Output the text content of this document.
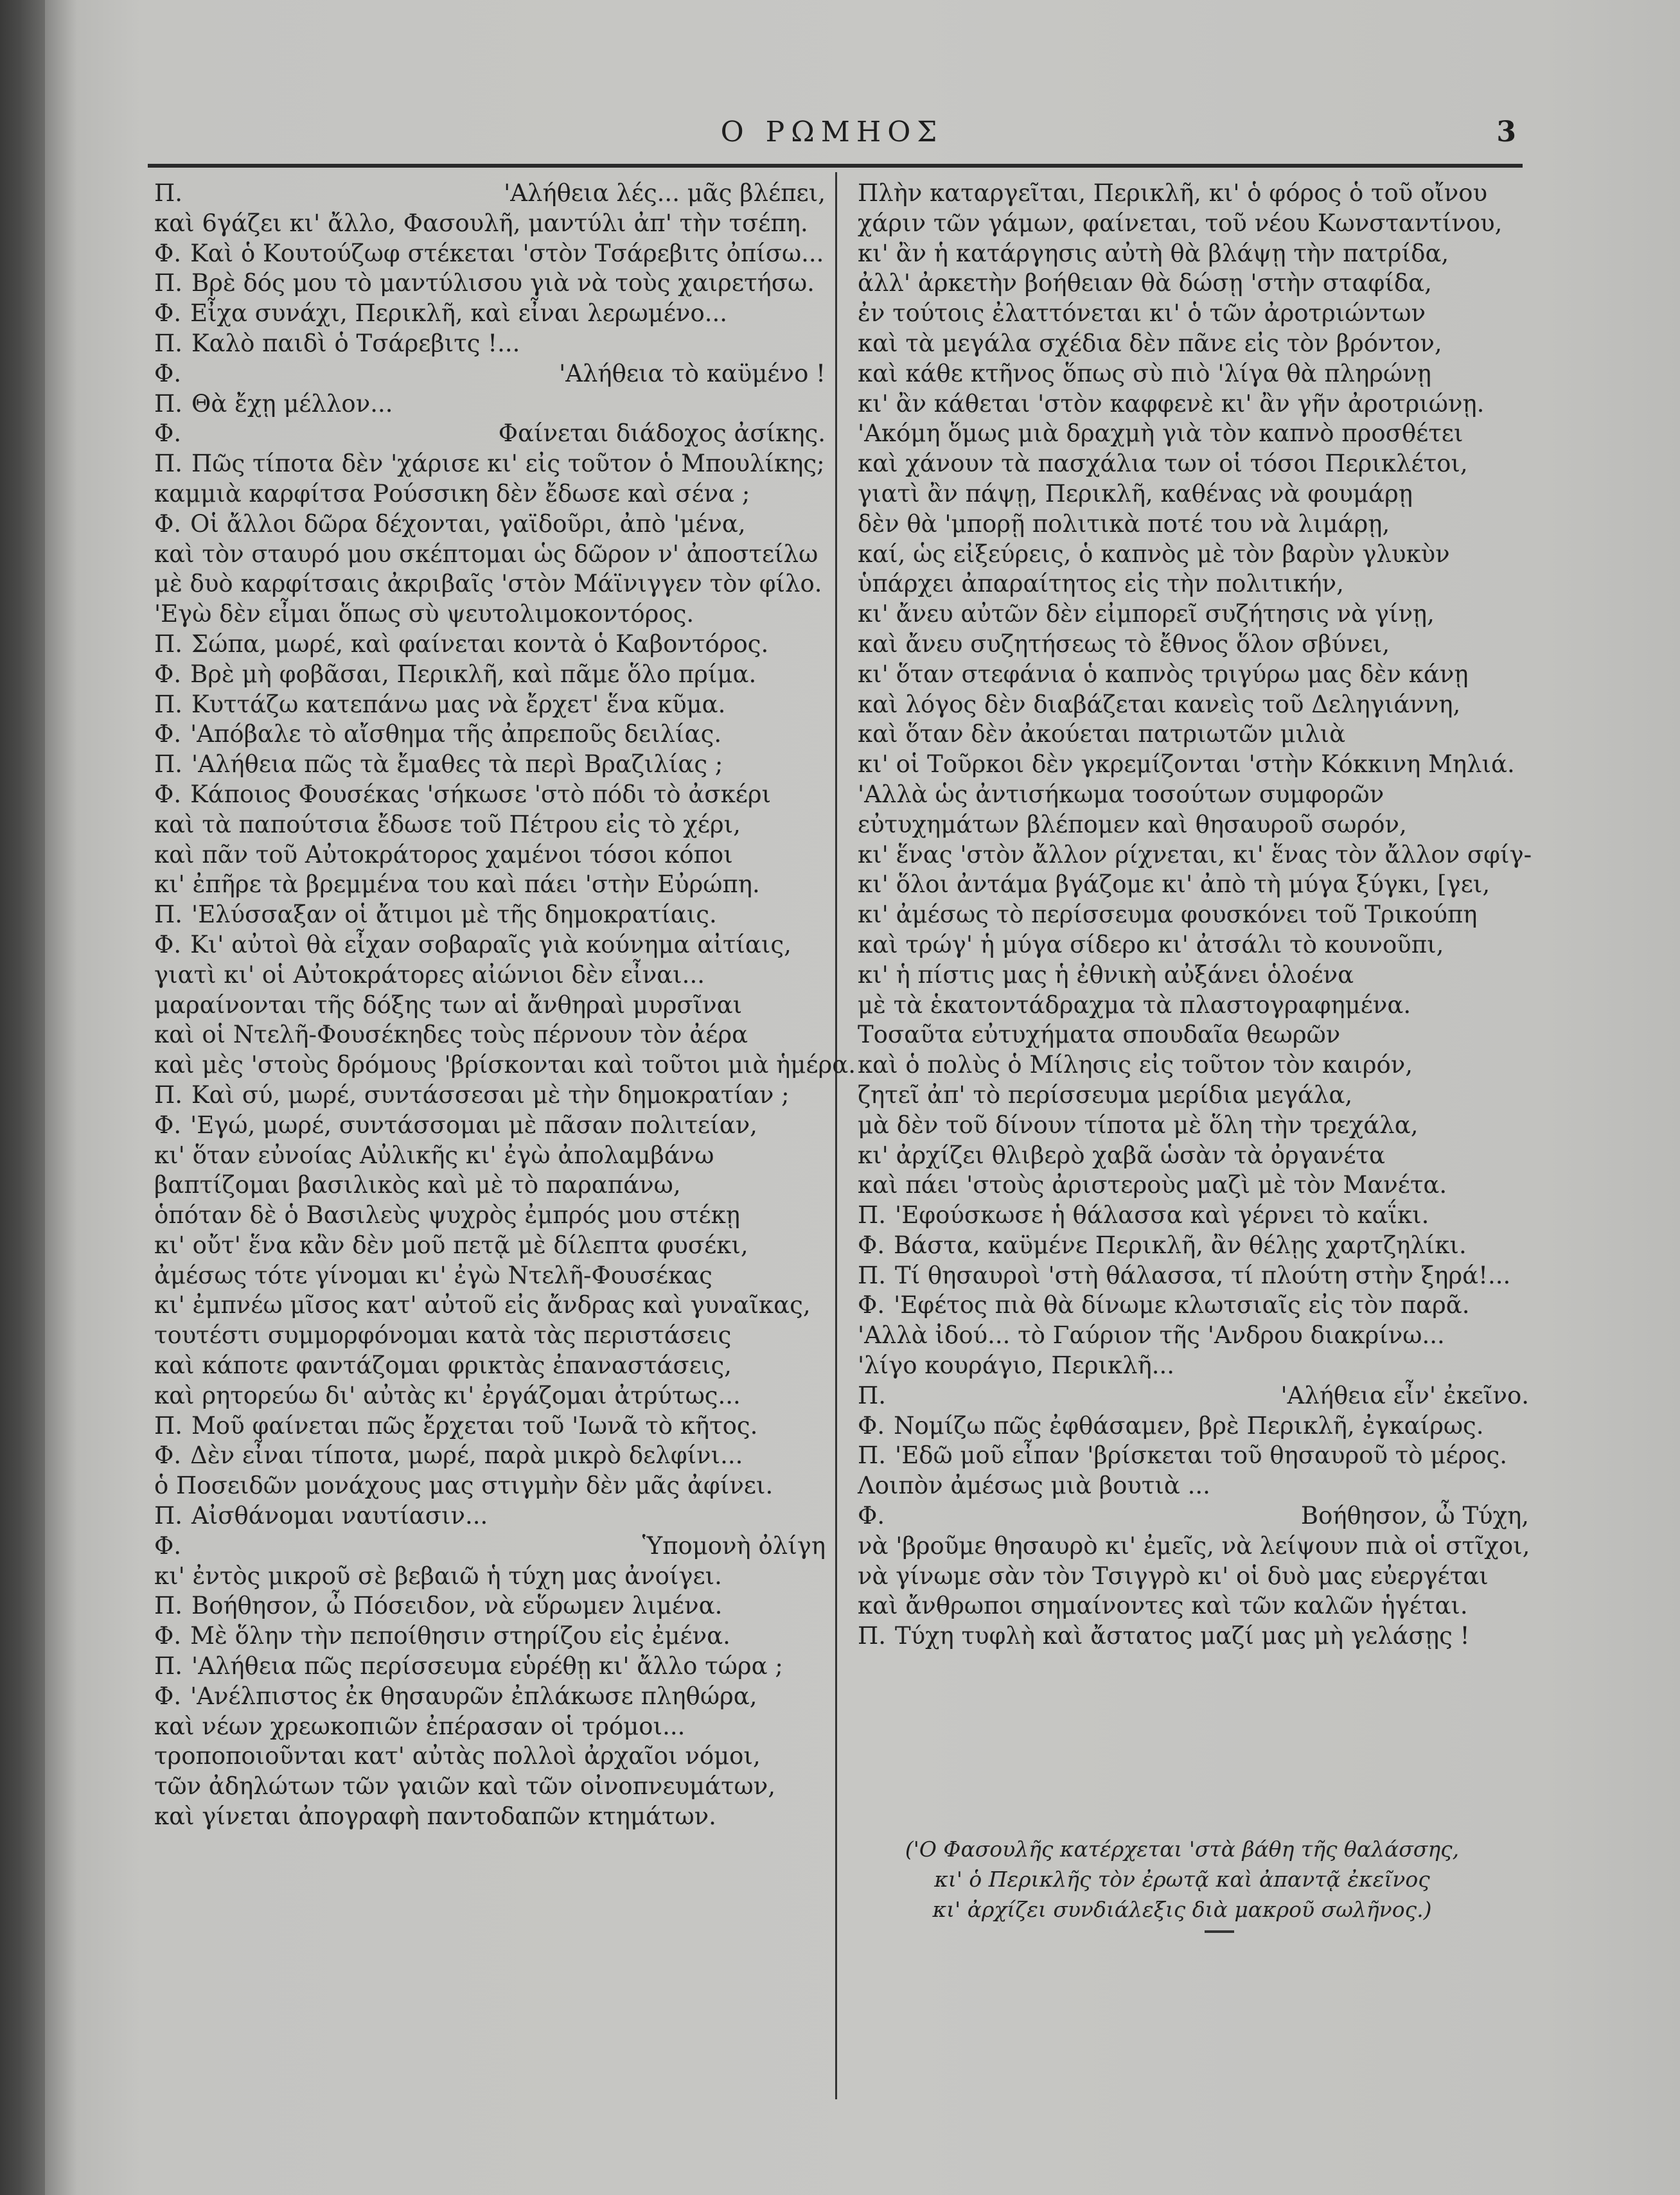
Ο ΡΩΜΗΟΣ	3
Π.	'Αλήθεια λές... μᾶς βλέπει,
καὶ 6γάζει κι' ἄλλο, Φασουλῆ, μαντύλι ἀπ' τὴν τσέπη.
Φ. Καὶ ὁ Κουτούζωφ στέκεται 'στὸν Τσάρεβιτς ὀπίσω...
Π. Βρὲ δός μου τὸ μαντύλισου γιὰ νὰ τοὺς χαιρετήσω.
Φ. Εἶχα συνάχι, Περικλῆ, καὶ εἶναι λερωμένο...
Π. Καλὸ παιδὶ ὁ Τσάρεβιτς !...
Φ.	'Αλήθεια τὸ καϋμένο !
Π. Θὰ ἔχῃ μέλλον...
Φ.	Φαίνεται διάδοχος ἀσίκης.
Π. Πῶς τίποτα δὲν 'χάρισε κι' εἰς τοῦτον ὁ Μπουλίκης;
καμμιὰ καρφίτσα Ρούσσικη δὲν ἔδωσε καὶ σένα ;
Φ. Οἱ ἄλλοι δῶρα δέχονται, γαϊδοῦρι, ἀπὸ 'μένα,
καὶ τὸν σταυρό μου σκέπτομαι ὡς δῶρον ν' ἀποστείλω
μὲ δυὸ καρφίτσαις ἀκριβαῖς 'στὸν Μάϊνιγγεν τὸν φίλο.
'Εγὼ δὲν εἶμαι ὅπως σὺ ψευτολιμοκοντόρος.
Π. Σώπα, μωρέ, καὶ φαίνεται κοντὰ ὁ Καβοντόρος.
Φ. Βρὲ μὴ φοβᾶσαι, Περικλῆ, καὶ πᾶμε ὅλο πρίμα.
Π. Κυττάζω κατεπάνω μας νὰ ἔρχετ' ἕνα κῦμα.
Φ. 'Απόβαλε τὸ αἴσθημα τῆς ἀπρεποῦς δειλίας.
Π. 'Αλήθεια πῶς τὰ ἔμαθες τὰ περὶ Βραζιλίας ;
Φ. Κάποιος Φουσέκας 'σήκωσε 'στὸ πόδι τὸ ἀσκέρι
καὶ τὰ παπούτσια ἔδωσε τοῦ Πέτρου εἰς τὸ χέρι,
καὶ πᾶν τοῦ Αὐτοκράτορος χαμένοι τόσοι κόποι
κι' ἐπῆρε τὰ βρεμμένα του καὶ πάει 'στὴν Εὐρώπη.
Π. 'Ελύσσαξαν οἱ ἄτιμοι μὲ τῆς δημοκρατίαις.
Φ. Κι' αὐτοὶ θὰ εἶχαν σοβαραῖς γιὰ κούνημα αἰτίαις,
γιατὶ κι' οἱ Αὐτοκράτορες αἰώνιοι δὲν εἶναι...
μαραίνονται τῆς δόξης των αἱ ἄνθηραὶ μυρσῖναι
καὶ οἱ Ντελῆ-Φουσέκηδες τοὺς πέρνουν τὸν ἀέρα
καὶ μὲς 'στοὺς δρόμους 'βρίσκονται καὶ τοῦτοι μιὰ ἡμέρα.
Π. Καὶ σύ, μωρέ, συντάσσεσαι μὲ τὴν δημοκρατίαν ;
Φ. 'Εγώ, μωρέ, συντάσσομαι μὲ πᾶσαν πολιτείαν,
κι' ὅταν εὐνοίας Αὐλικῆς κι' ἐγὼ ἀπολαμβάνω
βαπτίζομαι βασιλικὸς καὶ μὲ τὸ παραπάνω,
ὁπόταν δὲ ὁ Βασιλεὺς ψυχρὸς ἐμπρός μου στέκῃ
κι' οὔτ' ἕνα κἂν δὲν μοῦ πετᾷ μὲ δίλεπτα φυσέκι,
ἀμέσως τότε γίνομαι κι' ἐγὼ Ντελῆ-Φουσέκας
κι' ἐμπνέω μῖσος κατ' αὐτοῦ εἰς ἄνδρας καὶ γυναῖκας,
τουτέστι συμμορφόνομαι κατὰ τὰς περιστάσεις
καὶ κάποτε φαντάζομαι φρικτὰς ἐπαναστάσεις,
καὶ ρητορεύω δι' αὐτὰς κι' ἐργάζομαι ἀτρύτως...
Π. Μοῦ φαίνεται πῶς ἔρχεται τοῦ 'Ιωνᾶ τὸ κῆτος.
Φ. Δὲν εἶναι τίποτα, μωρέ, παρὰ μικρὸ δελφίνι...
ὁ Ποσειδῶν μονάχους μας στιγμὴν δὲν μᾶς ἀφίνει.
Π. Αἰσθάνομαι ναυτίασιν...
Φ.	Ὑπομονὴ ὀλίγη
κι' ἐντὸς μικροῦ σὲ βεβαιῶ ἡ τύχη μας ἀνοίγει.
Π. Βοήθησον, ὦ Πόσειδον, νὰ εὕρωμεν λιμένα.
Φ. Μὲ ὅλην τὴν πεποίθησιν στηρίζου εἰς ἐμένα.
Π. 'Αλήθεια πῶς περίσσευμα εὑρέθῃ κι' ἄλλο τώρα ;
Φ. 'Ανέλπιστος ἐκ θησαυρῶν ἐπλάκωσε πληθώρα,
καὶ νέων χρεωκοπιῶν ἐπέρασαν οἱ τρόμοι...
τροποποιοῦνται κατ' αὐτὰς πολλοὶ ἀρχαῖοι νόμοι,
τῶν ἀδηλώτων τῶν γαιῶν καὶ τῶν οἰνοπνευμάτων,
καὶ γίνεται ἀπογραφὴ παντοδαπῶν κτημάτων.
Πλὴν καταργεῖται, Περικλῆ, κι' ὁ φόρος ὁ τοῦ οἴνου
χάριν τῶν γάμων, φαίνεται, τοῦ νέου Κωνσταντίνου,
κι' ἂν ἡ κατάργησις αὐτὴ θὰ βλάψῃ τὴν πατρίδα,
ἀλλ' ἀρκετὴν βοήθειαν θὰ δώσῃ 'στὴν σταφίδα,
ἐν τούτοις ἐλαττόνεται κι' ὁ τῶν ἀροτριώντων
καὶ τὰ μεγάλα σχέδια δὲν πᾶνε εἰς τὸν βρόντον,
καὶ κάθε κτῆνος ὅπως σὺ πιὸ 'λίγα θὰ πληρώνῃ
κι' ἂν κάθεται 'στὸν καφφενὲ κι' ἂν γῆν ἀροτριώνῃ.
'Ακόμη ὅμως μιὰ δραχμὴ γιὰ τὸν καπνὸ προσθέτει
καὶ χάνουν τὰ πασχάλια των οἱ τόσοι Περικλέτοι,
γιατὶ ἂν πάψῃ, Περικλῆ, καθένας νὰ φουμάρῃ
δὲν θὰ 'μπορῇ πολιτικὰ ποτέ του νὰ λιμάρῃ,
καί, ὡς εἰξεύρεις, ὁ καπνὸς μὲ τὸν βαρὺν γλυκὺν
ὑπάρχει ἀπαραίτητος εἰς τὴν πολιτικήν,
κι' ἄνευ αὐτῶν δὲν εἰμπορεῖ συζήτησις νὰ γίνῃ,
καὶ ἄνευ συζητήσεως τὸ ἔθνος ὅλον σβύνει,
κι' ὅταν στεφάνια ὁ καπνὸς τριγύρω μας δὲν κάνῃ
καὶ λόγος δὲν διαβάζεται κανεὶς τοῦ Δεληγιάννη,
καὶ ὅταν δὲν ἀκούεται πατριωτῶν μιλιὰ
κι' οἱ Τοῦρκοι δὲν γκρεμίζονται 'στὴν Κόκκινη Μηλιά.
'Αλλὰ ὡς ἀντισήκωμα τοσούτων συμφορῶν
εὐτυχημάτων βλέπομεν καὶ θησαυροῦ σωρόν,
κι' ἕνας 'στὸν ἄλλον ρίχνεται, κι' ἕνας τὸν ἄλλον σφίγ-
κι' ὅλοι ἀντάμα βγάζομε κι' ἀπὸ τὴ μύγα ξύγκι, [γει,
κι' ἀμέσως τὸ περίσσευμα φουσκόνει τοῦ Τρικούπη
καὶ τρώγ' ἡ μύγα σίδερο κι' ἀτσάλι τὸ κουνοῦπι,
κι' ἡ πίστις μας ἡ ἐθνικὴ αὐξάνει ὁλοένα
μὲ τὰ ἑκατοντάδραχμα τὰ πλαστογραφημένα.
Τοσαῦτα εὐτυχήματα σπουδαῖα θεωρῶν
καὶ ὁ πολὺς ὁ Μίλησις εἰς τοῦτον τὸν καιρόν,
ζητεῖ ἀπ' τὸ περίσσευμα μερίδια μεγάλα,
μὰ δὲν τοῦ δίνουν τίποτα μὲ ὅλη τὴν τρεχάλα,
κι' ἀρχίζει θλιβερὸ χαβᾶ ὡσὰν τὰ ὀργανέτα
καὶ πάει 'στοὺς ἀριστεροὺς μαζὶ μὲ τὸν Μανέτα.
Π. 'Εφούσκωσε ἡ θάλασσα καὶ γέρνει τὸ καΐκι.
Φ. Βάστα, καϋμένε Περικλῆ, ἂν θέλῃς χαρτζηλίκι.
Π. Τί θησαυροὶ 'στὴ θάλασσα, τί πλούτη στὴν ξηρά!...
Φ. 'Εφέτος πιὰ θὰ δίνωμε κλωτσιαῖς εἰς τὸν παρᾶ.
'Αλλὰ ἰδού... τὸ Γαύριον τῆς 'Ανδρου διακρίνω...
'λίγο κουράγιο, Περικλῆ...
Π.	'Αλήθεια εἶν' ἐκεῖνο.
Φ. Νομίζω πῶς ἐφθάσαμεν, βρὲ Περικλῆ, ἐγκαίρως.
Π. 'Εδῶ μοῦ εἶπαν 'βρίσκεται τοῦ θησαυροῦ τὸ μέρος.
Λοιπὸν ἀμέσως μιὰ βουτιὰ ...
Φ.	Βοήθησον, ὦ Τύχη,
νὰ 'βροῦμε θησαυρὸ κι' ἐμεῖς, νὰ λείψουν πιὰ οἱ στῖχοι,
νὰ γίνωμε σὰν τὸν Τσιγγρὸ κι' οἱ δυὸ μας εὐεργέται
καὶ ἄνθρωποι σημαίνοντες καὶ τῶν καλῶν ἡγέται.
Π. Τύχη τυφλὴ καὶ ἄστατος μαζί μας μὴ γελάσῃς !
('Ο Φασουλῆς κατέρχεται 'στὰ βάθη τῆς θαλάσσης,
κι' ὁ Περικλῆς τὸν ἐρωτᾷ καὶ ἀπαντᾷ ἐκεῖνος
κι' ἀρχίζει συνδιάλεξις διὰ μακροῦ σωλῆνος.)
